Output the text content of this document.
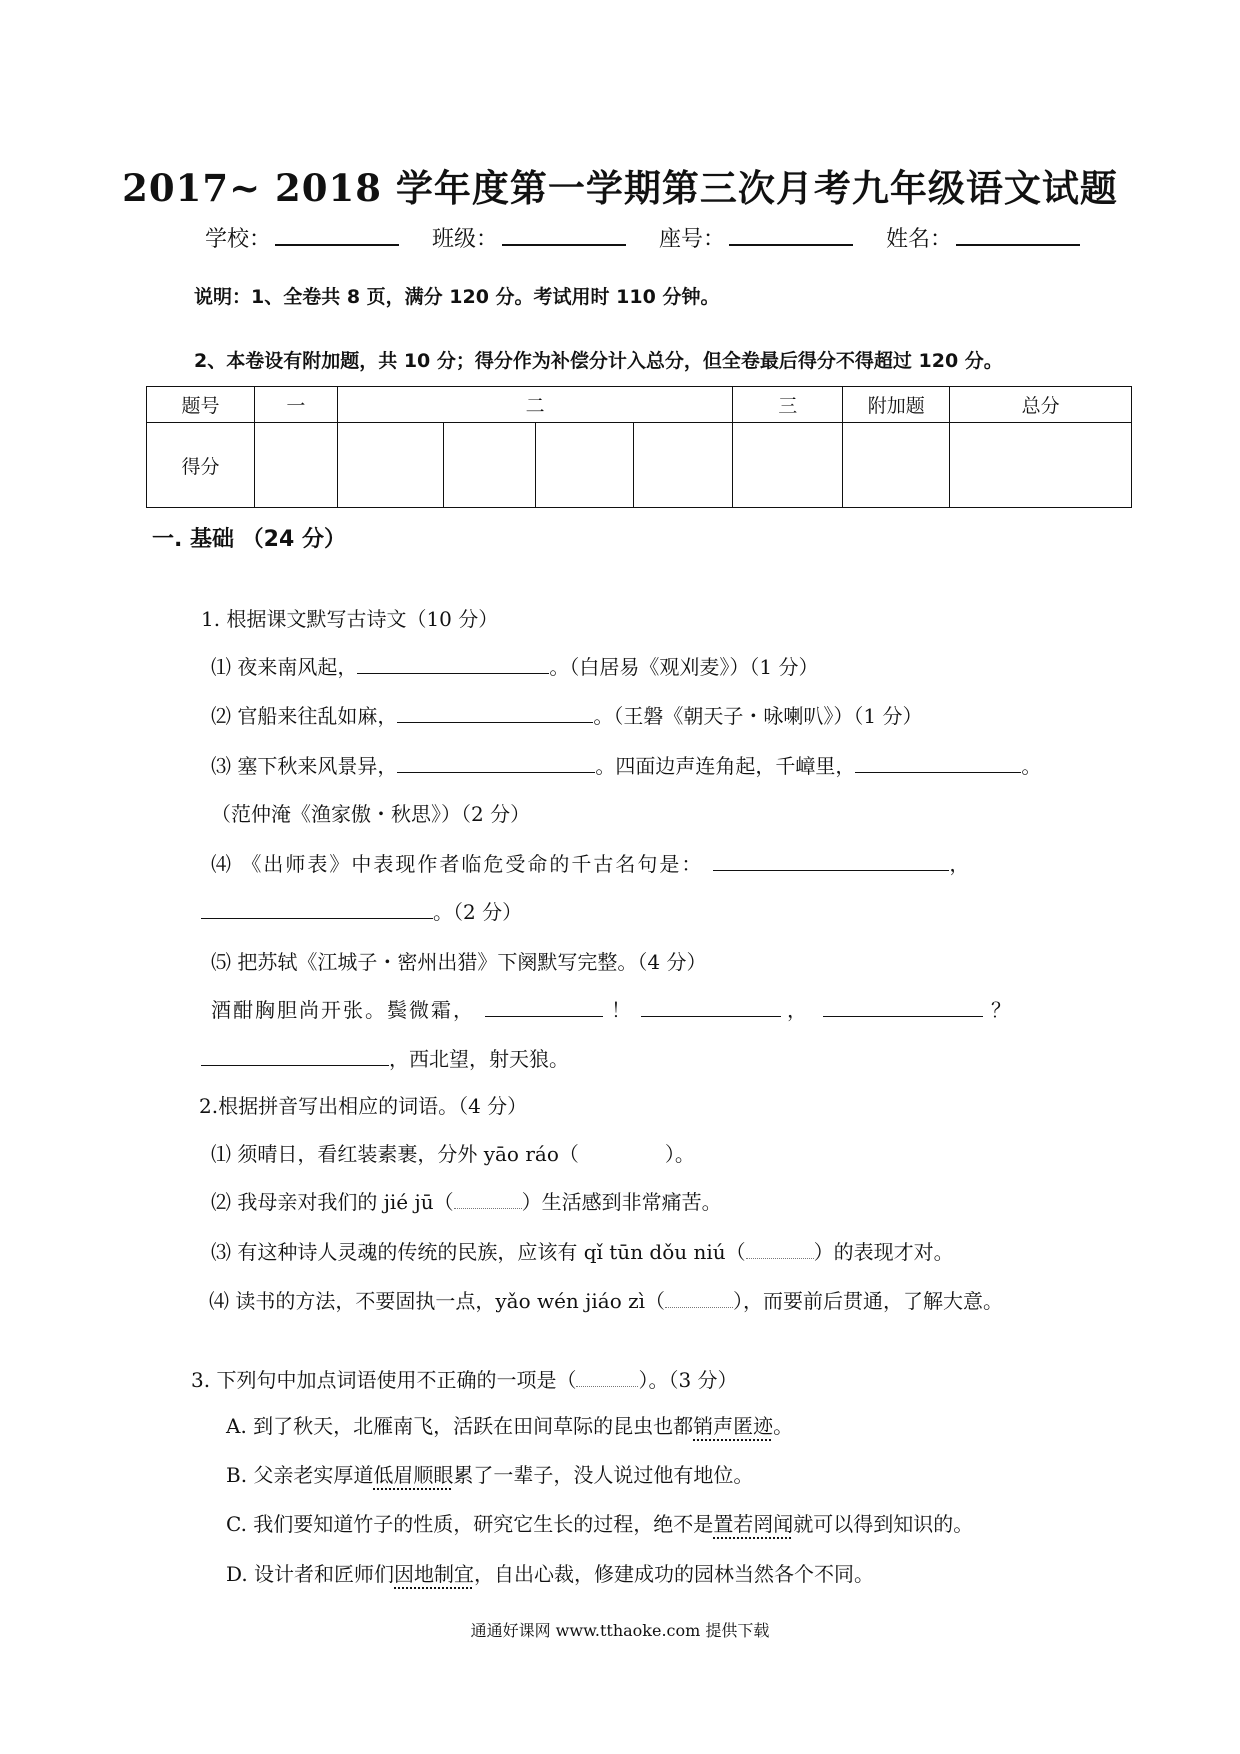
2017~ 2018 学年度第一学期第三次月考九年级语文试题
学校：	班级：	座号：	姓名：
说明：1、全卷共 8 页，满分 120 分。考试用时 110 分钟。
2、本卷设有附加题，共 10 分；得分作为补偿分计入总分，但全卷最后得分不得超过 120 分。
题号	一	二				三	附加题	总分
得分								
一. 基础 （24 分）
1. 根据课文默写古诗文（10 分）
⑴ 夜来南风起，	。（白居易《观刈麦》）（1 分）
⑵ 官船来往乱如麻，	。（王磐《朝天子・咏喇叭》）（1 分）
⑶ 塞下秋来风景异，	。四面边声连角起，千嶂里，	。
（范仲淹《渔家傲・秋思》）（2 分）
⑷ 《出师表》中表现作者临危受命的千古名句是：	，
。（2 分）
⑸ 把苏轼《江城子・密州出猎》下阕默写完整。（4 分）
酒酣胸胆尚开张。鬓微霜，	！	，	？
，西北望，射天狼。
2.根据拼音写出相应的词语。（4 分）
⑴ 须晴日，看红装素裹，分外 yāo ráo（	）。
⑵ 我母亲对我们的 jié jū（	）生活感到非常痛苦。
⑶ 有这种诗人灵魂的传统的民族，应该有 qǐ tūn dǒu niú（	）的表现才对。
⑷ 读书的方法，不要固执一点，yǎo wén jiáo zì（	），而要前后贯通，了解大意。
3. 下列句中加点词语使用不正确的一项是（	）。（3 分）
A. 到了秋天，北雁南飞，活跃在田间草际的昆虫也都销声匿迹。
B. 父亲老实厚道低眉顺眼累了一辈子，没人说过他有地位。
C. 我们要知道竹子的性质，研究它生长的过程，绝不是置若罔闻就可以得到知识的。
D. 设计者和匠师们因地制宜，自出心裁，修建成功的园林当然各个不同。
通通好课网 www.tthaoke.com 提供下载
